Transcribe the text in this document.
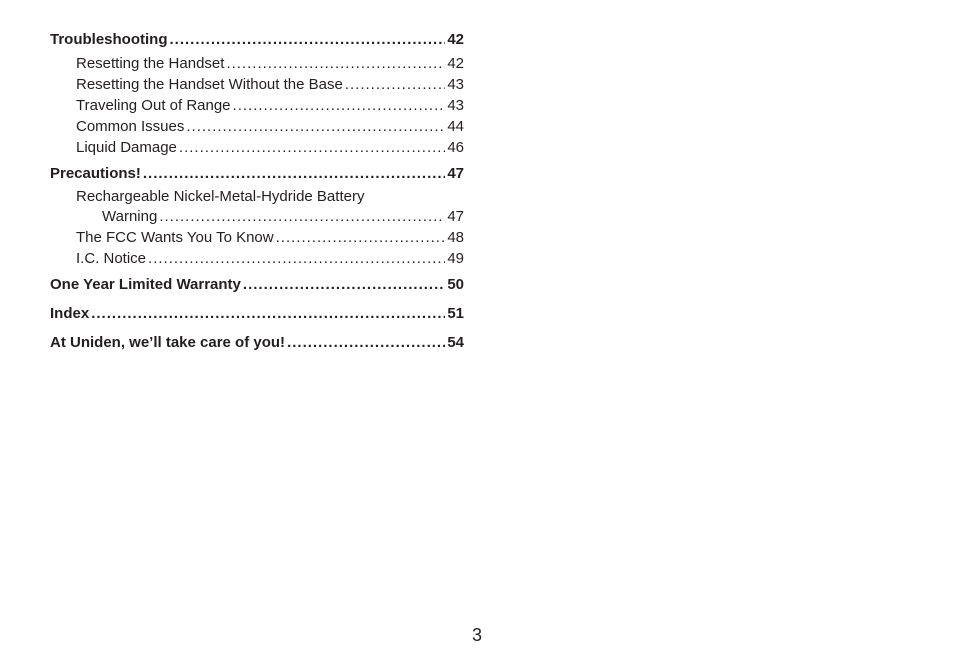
Troubleshooting .....	42
Resetting the Handset .....	42
Resetting the Handset Without the Base .....	43
Traveling Out of Range .....	43
Common Issues .....	44
Liquid Damage .....	46
Precautions! .....	47
Rechargeable Nickel-Metal-Hydride Battery
Warning .....	47
The FCC Wants You To Know .....	48
I.C. Notice .....	49
One Year Limited Warranty .....	50
Index .....	51
At Uniden, we’ll take care of you! .....	54
3
